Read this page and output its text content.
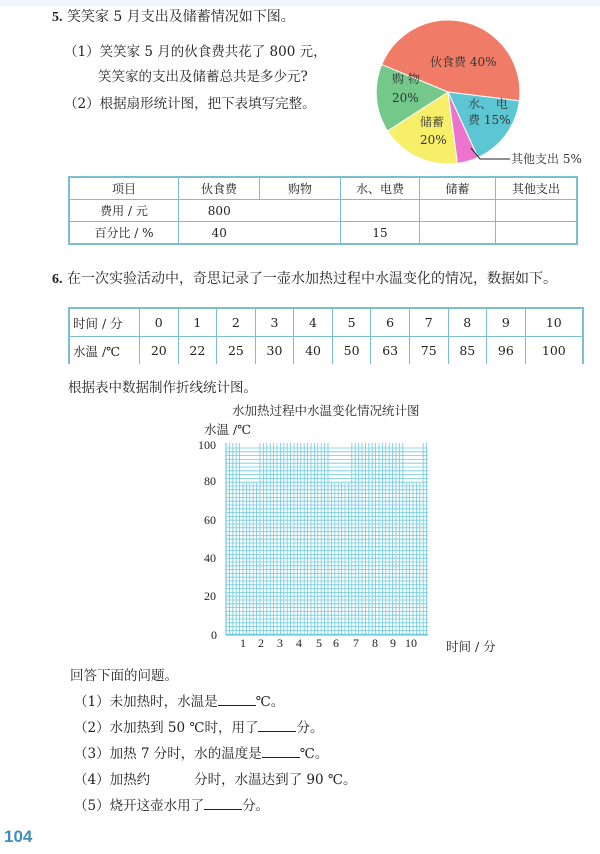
5. 笑笑家 5 月支出及储蓄情况如下图。
（1）笑笑家 5 月的伙食费共花了 800 元，
笑笑家的支出及储蓄总共是多少元?
（2）根据扇形统计图，把下表填写完整。
伙食费 40%
购 物
20%	水、 电
费 15%
储蓄
20%
其他支出 5%
项目	伙食费	购物	水、电费	储蓄	其他支出
费用 / 元	800				
百分比 / %	40		15		
6. 在一次实验活动中，奇思记录了一壶水加热过程中水温变化的情况，数据如下。
时间 / 分	0	1	2	3	4	5	6	7	8	9	10
水温 /℃	20	22	25	30	40	50	63	75	85	96	100
根据表中数据制作折线统计图。
水加热过程中水温变化情况统计图
水温 /℃
100
80
60
40
20
0
1 2 3 4 5 6 7 8 9 10 时间 / 分
回答下面的问题。
（1）未加热时，水温是	℃。
（2）水加热到 50 ℃时，用了	分。
（3）加热 7 分时，水的温度是	℃。
（4）加热约	分时，水温达到了 90 ℃。
（5）烧开这壶水用了	分。
104
